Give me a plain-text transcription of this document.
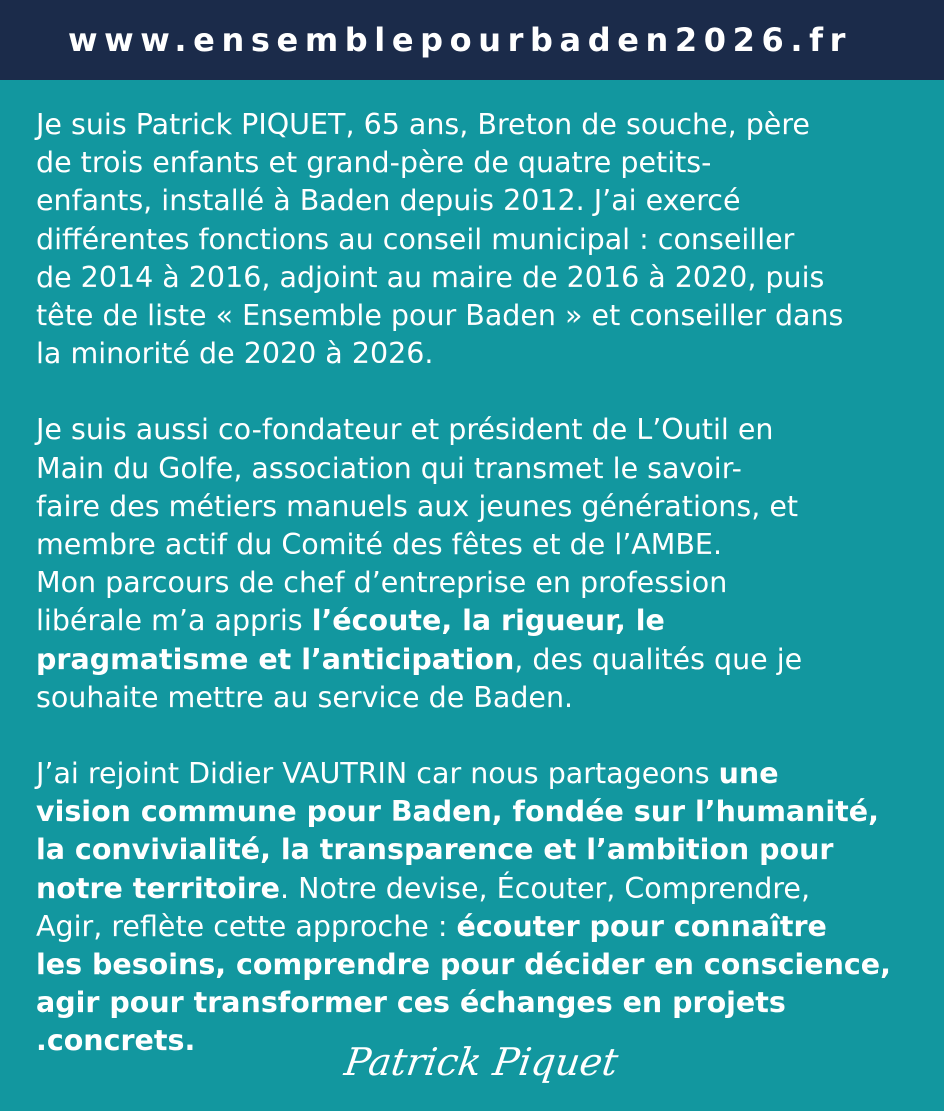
www.ensemblepourbaden2026.fr
Je suis Patrick PIQUET, 65 ans, Breton de souche, père
de trois enfants et grand-père de quatre petits-
enfants, installé à Baden depuis 2012. J’ai exercé
différentes fonctions au conseil municipal : conseiller
de 2014 à 2016, adjoint au maire de 2016 à 2020, puis
tête de liste « Ensemble pour Baden » et conseiller dans
la minorité de 2020 à 2026.
Je suis aussi co-fondateur et président de L’Outil en
Main du Golfe, association qui transmet le savoir-
faire des métiers manuels aux jeunes générations, et
membre actif du Comité des fêtes et de l’AMBE.
Mon parcours de chef d’entreprise en profession
libérale m’a appris l’écoute, la rigueur, le
pragmatisme et l’anticipation, des qualités que je
souhaite mettre au service de Baden.
J’ai rejoint Didier VAUTRIN car nous partageons une
vision commune pour Baden, fondée sur l’humanité,
la convivialité, la transparence et l’ambition pour
notre territoire. Notre devise, Écouter, Comprendre,
Agir, reflète cette approche : écouter pour connaître
les besoins, comprendre pour décider en conscience,
agir pour transformer ces échanges en projets
.concrets.	Patrick Piquet
